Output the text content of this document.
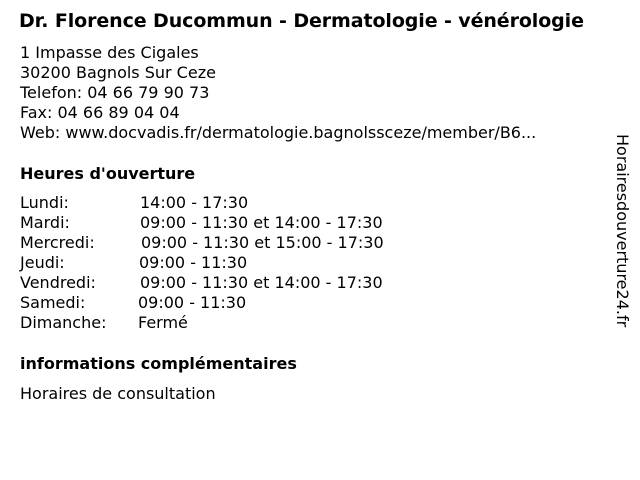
Dr. Florence Ducommun - Dermatologie - vénérologie
1 Impasse des Cigales
30200 Bagnols Sur Ceze
Telefon: 04 66 79 90 73
Fax: 04 66 89 04 04
Web: www.docvadis.fr/dermatologie.bagnolssceze/member/B6...
Heures d'ouverture
Lundi:	14:00 - 17:30
Mardi:	09:00 - 11:30 et 14:00 - 17:30
Mercredi:	09:00 - 11:30 et 15:00 - 17:30
Jeudi:	09:00 - 11:30
Vendredi:	09:00 - 11:30 et 14:00 - 17:30
Samedi:	09:00 - 11:30
Dimanche: Fermé
informations complémentaires
Horaires de consultation
Horairesdouverture24.fr
